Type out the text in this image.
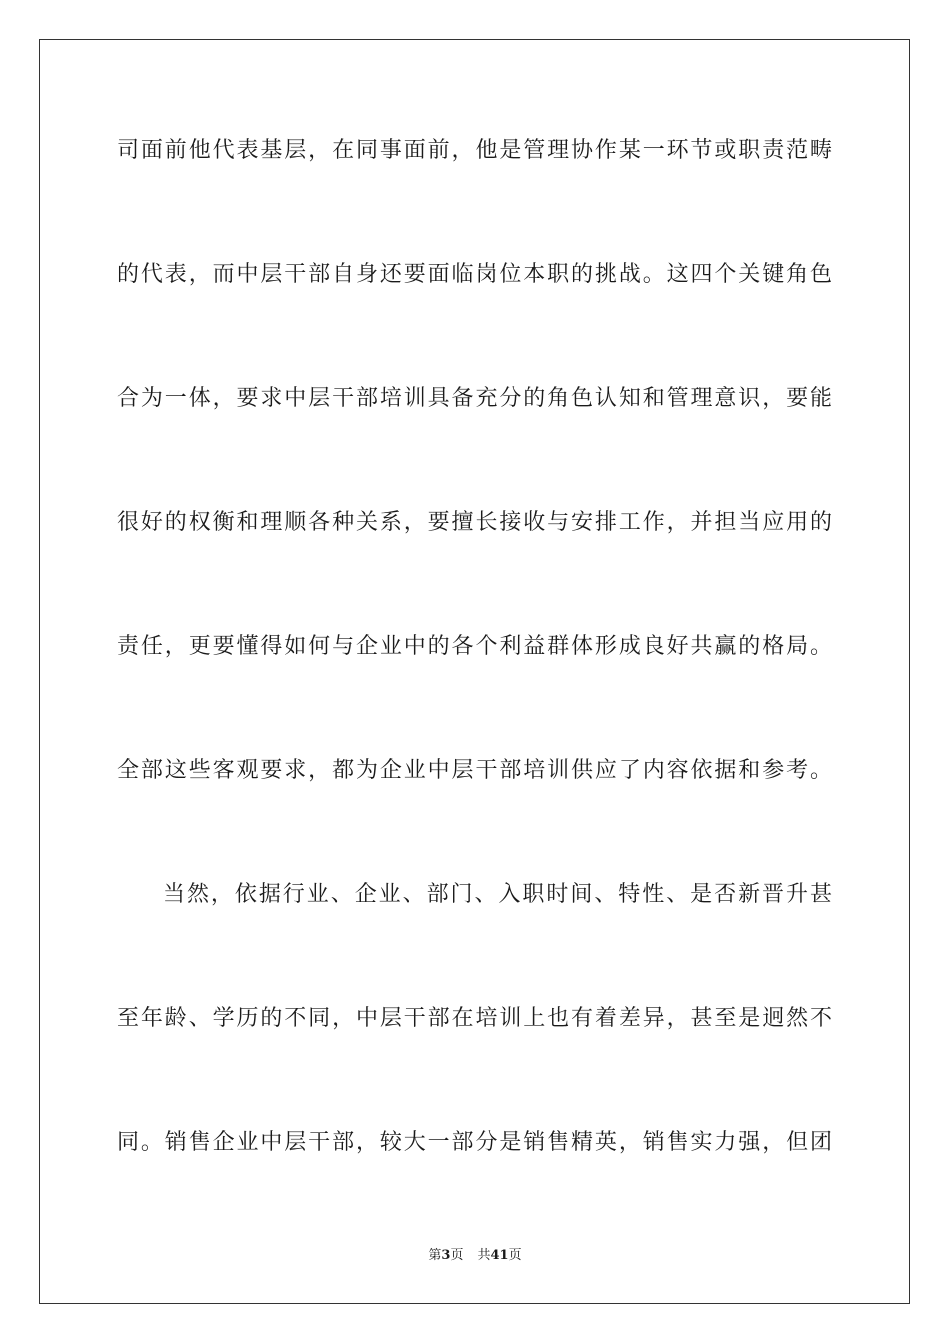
司面前他代表基层，在同事面前，他是管理协作某一环节或职责范畴
的代表，而中层干部自身还要面临岗位本职的挑战。这四个关键角色
合为一体，要求中层干部培训具备充分的角色认知和管理意识，要能
很好的权衡和理顺各种关系，要擅长接收与安排工作，并担当应用的
责任，更要懂得如何与企业中的各个利益群体形成良好共赢的格局。
全部这些客观要求，都为企业中层干部培训供应了内容依据和参考。
当然，依据行业、企业、部门、入职时间、特性、是否新晋升甚
至年龄、学历的不同，中层干部在培训上也有着差异，甚至是迥然不
同。销售企业中层干部，较大一部分是销售精英，销售实力强，但团
第3页 共41页
